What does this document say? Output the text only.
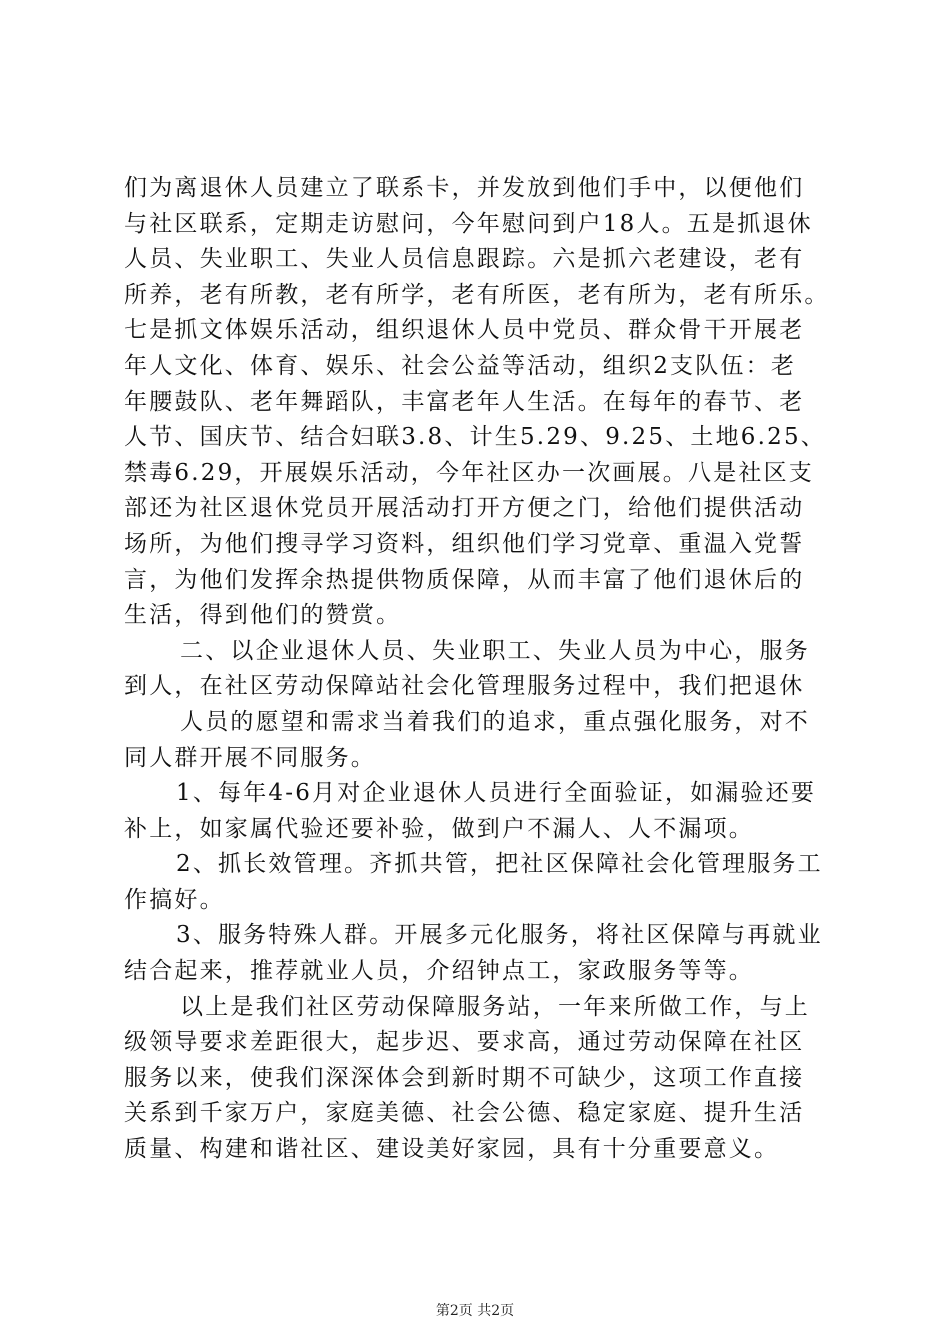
们为离退休人员建立了联系卡，并发放到他们手中，以便他们
与社区联系，定期走访慰问，今年慰问到户18人。五是抓退休
人员、失业职工、失业人员信息跟踪。六是抓六老建设，老有
所养，老有所教，老有所学，老有所医，老有所为，老有所乐。
七是抓文体娱乐活动，组织退休人员中党员、群众骨干开展老
年人文化、体育、娱乐、社会公益等活动，组织2支队伍：老
年腰鼓队、老年舞蹈队，丰富老年人生活。在每年的春节、老
人节、国庆节、结合妇联3.8、计生5.29、9.25、土地6.25、
禁毒6.29，开展娱乐活动，今年社区办一次画展。八是社区支
部还为社区退休党员开展活动打开方便之门，给他们提供活动
场所，为他们搜寻学习资料，组织他们学习党章、重温入党誓
言，为他们发挥余热提供物质保障，从而丰富了他们退休后的
生活，得到他们的赞赏。
二、以企业退休人员、失业职工、失业人员为中心，服务
到人，在社区劳动保障站社会化管理服务过程中，我们把退休
人员的愿望和需求当着我们的追求，重点强化服务，对不
同人群开展不同服务。
1、每年4-6月对企业退休人员进行全面验证，如漏验还要
补上，如家属代验还要补验，做到户不漏人、人不漏项。
2、抓长效管理。齐抓共管，把社区保障社会化管理服务工
作搞好。
3、服务特殊人群。开展多元化服务，将社区保障与再就业
结合起来，推荐就业人员，介绍钟点工，家政服务等等。
以上是我们社区劳动保障服务站，一年来所做工作，与上
级领导要求差距很大，起步迟、要求高，通过劳动保障在社区
服务以来，使我们深深体会到新时期不可缺少，这项工作直接
关系到千家万户，家庭美德、社会公德、稳定家庭、提升生活
质量、构建和谐社区、建设美好家园，具有十分重要意义。
第2页 共2页
